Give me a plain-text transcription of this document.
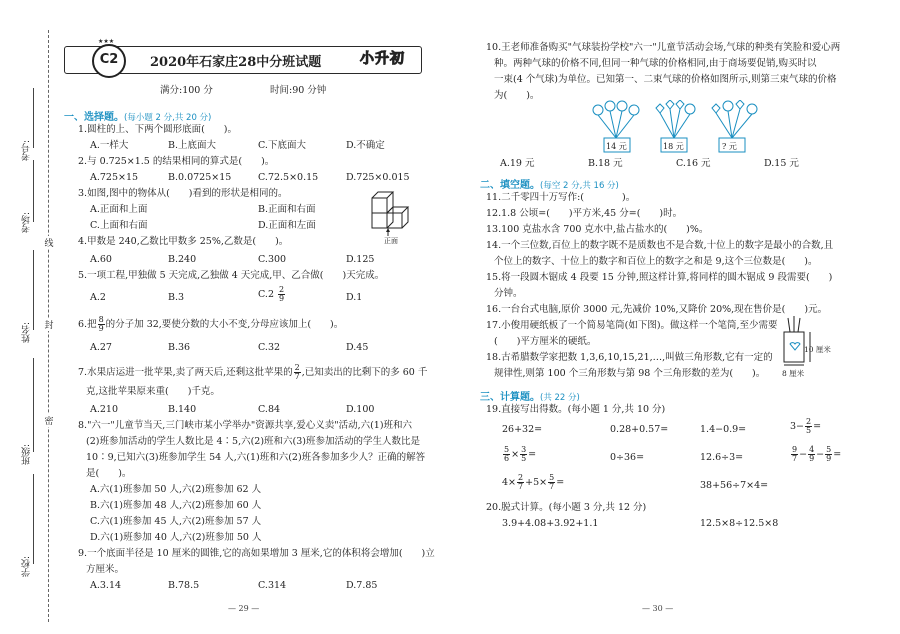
考号:
考场:
姓名:
班级:
学校:
线
封
密
C2
★★★
2020年石家庄28中分班试题	小升初
满分:100 分	时间:90 分钟
一、选择题。(每小题 2 分,共 20 分)
1.圆柱的上、下两个圆形底面(　　)。
A.一样大	B.上底面大	C.下底面大	D.不确定
2.与 0.725×1.5 的结果相同的算式是(　　)。
A.725×15	B.0.0725×15	C.72.5×0.15	D.725×0.015
3.如图,图中的物体从(　　)看到的形状是相同的。
A.正面和上面	B.正面和右面
C.上面和右面	D.正面和左面
正面
4.甲数是 240,乙数比甲数多 25%,乙数是(　　)。
A.60	B.240	C.300	D.125
5.一项工程,甲独做 5 天完成,乙独做 4 天完成,甲、乙合做(　　)天完成。
A.2	B.3	$C.2 \frac{2}{9}$	D.1
6.把 $\frac{8}{9}$ 的分子加 32,要使分数的大小不变,分母应该加上(　　)。
A.27	B.36	C.32	D.45
7.水果店运进一批苹果,卖了两天后,还剩这批苹果的 $\frac{2}{7}$ ,已知卖出的比剩下的多 60 千
克,这批苹果原来重(　　)千克。
A.210	B.140	C.84	D.100
8."六一"儿童节当天,三门峡市某小学举办"资源共享,爱心义卖"活动,六(1)班和六
(2)班参加活动的学生人数比是 4∶5,六(2)班和六(3)班参加活动的学生人数比是
10∶9,已知六(3)班参加学生 54 人,六(1)班和六(2)班各参加多少人？正确的解答
是(　　)。
A.六(1)班参加 50 人,六(2)班参加 62 人
B.六(1)班参加 48 人,六(2)班参加 60 人
C.六(1)班参加 45 人,六(2)班参加 57 人
D.六(1)班参加 40 人,六(2)班参加 50 人
9.一个底面半径是 10 厘米的圆锥,它的高如果增加 3 厘米,它的体积将会增加(　　)立
方厘米。
A.3.14	B.78.5	C.314	D.7.85
— 29 —
10.王老师准备购买"气球装扮学校"六一"儿童节活动会场,气球的种类有笑脸和爱心两
种。两种气球的价格不同,但同一种气球的价格相同,由于商场要促销,购买时以
一束(4 个气球)为单位。已知第一、二束气球的价格如图所示,则第三束气球的价格
为(　　)。
14 元	18 元	? 元
A.19 元	B.18 元	C.16 元	D.15 元
二、填空题。(每空 2 分,共 16 分)
11.二千零四十万写作:(　　　　)。
12.1.8 公顷=(　　)平方米,45 分=(　　)时。
13.100 克盐水含 700 克水中,盐占盐水的(　　)%。
14.一个三位数,百位上的数字既不是质数也不是合数,十位上的数字是最小的合数,且
个位上的数字、十位上的数字和百位上的数字之和是 9,这个三位数是(　　)。
15.将一段圆木锯成 4 段要 15 分钟,照这样计算,将同样的圆木锯成 9 段需要(　　)
分钟。
16.一台台式电脑,原价 3000 元,先减价 10%,又降价 20%,现在售价是(　　)元。
17.小俊用硬纸板了一个简易笔筒(如下图)。做这样一个笔筒,至少需要
(　　)平方厘米的硬纸。
10 厘米
8 厘米
18.古希腊数学家把数 1,3,6,10,15,21,…,叫做三角形数,它有一定的
规律性,则第 100 个三角形数与第 98 个三角形数的差为(　　)。
三、计算题。(共 22 分)
19.直接写出得数。(每小题 1 分,共 10 分)
26+32=	0.28+0.57=	1.4−0.9=	$3- \frac{2}{5}$ =
$\frac{5}{6} \times \frac{3}{5}$ =	0÷36=	12.6÷3=	$\frac{9}{7} - \frac{4}{9} - \frac{5}{9}$ =
$4\times \frac{2}{7} +5\times \frac{5}{7}$ =	38+56÷7×4=
20.脱式计算。(每小题 3 分,共 12 分)
3.9+4.08+3.92+1.1	12.5×8÷12.5×8
— 30 —
